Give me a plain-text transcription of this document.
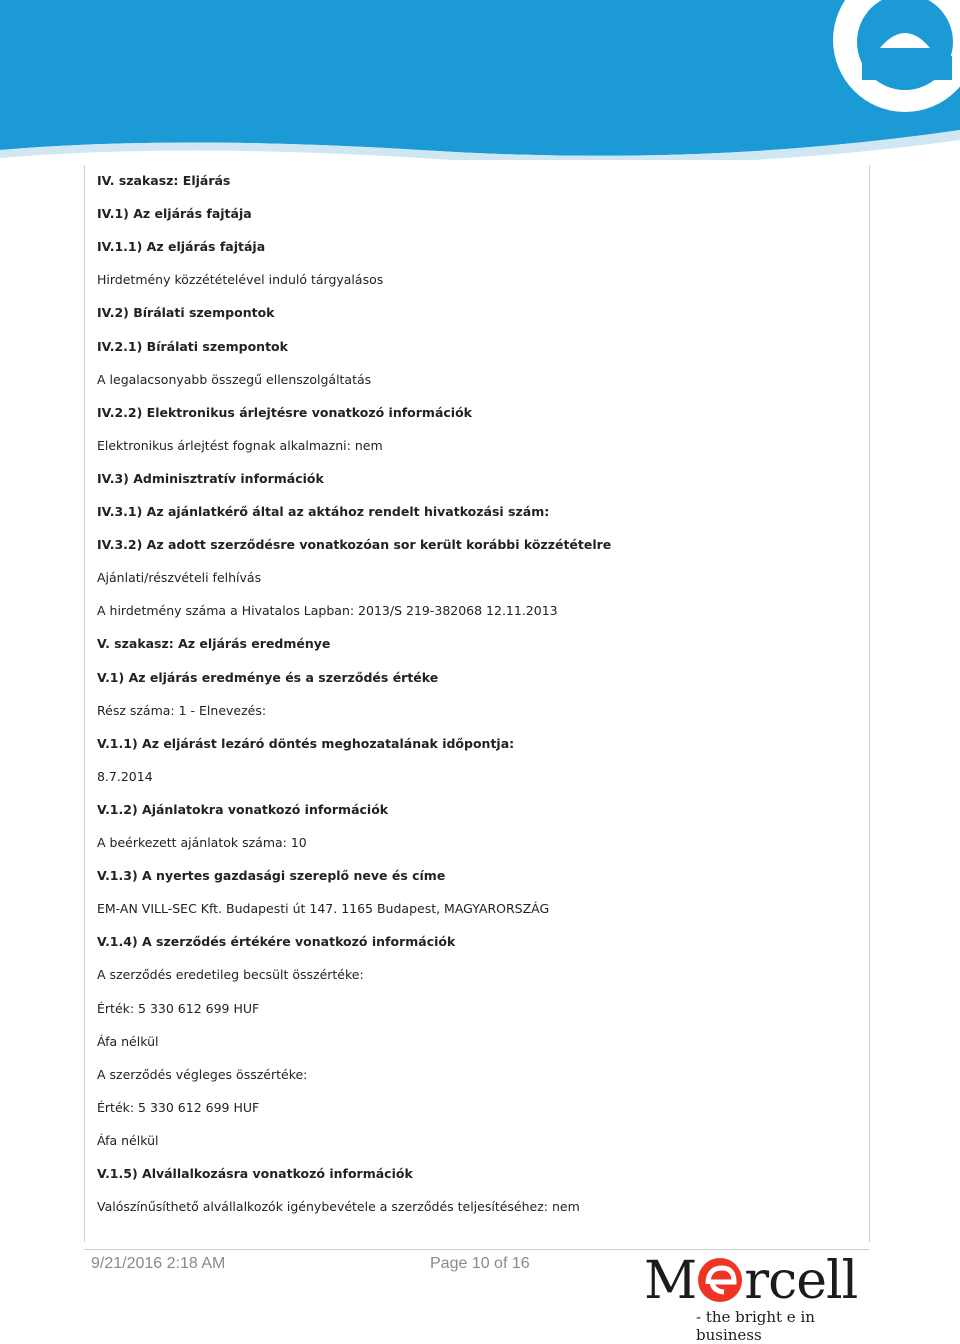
IV. szakasz: Eljárás
IV.1) Az eljárás fajtája
IV.1.1) Az eljárás fajtája
Hirdetmény közzétételével induló tárgyalásos
IV.2) Bírálati szempontok
IV.2.1) Bírálati szempontok
A legalacsonyabb összegű ellenszolgáltatás
IV.2.2) Elektronikus árlejtésre vonatkozó információk
Elektronikus árlejtést fognak alkalmazni: nem
IV.3) Adminisztratív információk
IV.3.1) Az ajánlatkérő által az aktához rendelt hivatkozási szám:
IV.3.2) Az adott szerződésre vonatkozóan sor került korábbi közzétételre
Ajánlati/részvételi felhívás
A hirdetmény száma a Hivatalos Lapban: 2013/S 219-382068 12.11.2013
V. szakasz: Az eljárás eredménye
V.1) Az eljárás eredménye és a szerződés értéke
Rész száma: 1 - Elnevezés:
V.1.1) Az eljárást lezáró döntés meghozatalának időpontja:
8.7.2014
V.1.2) Ajánlatokra vonatkozó információk
A beérkezett ajánlatok száma: 10
V.1.3) A nyertes gazdasági szereplő neve és címe
EM-AN VILL-SEC Kft. Budapesti út 147. 1165 Budapest, MAGYARORSZÁG
V.1.4) A szerződés értékére vonatkozó információk
A szerződés eredetileg becsült összértéke:
Érték: 5 330 612 699 HUF
Áfa nélkül
A szerződés végleges összértéke:
Érték: 5 330 612 699 HUF
Áfa nélkül
V.1.5) Alvállalkozásra vonatkozó információk
Valószínűsíthető alvállalkozók igénybevétele a szerződés teljesítéséhez: nem
9/21/2016 2:18 AM	Page 10 of 16 M rcell
- the bright e in business
